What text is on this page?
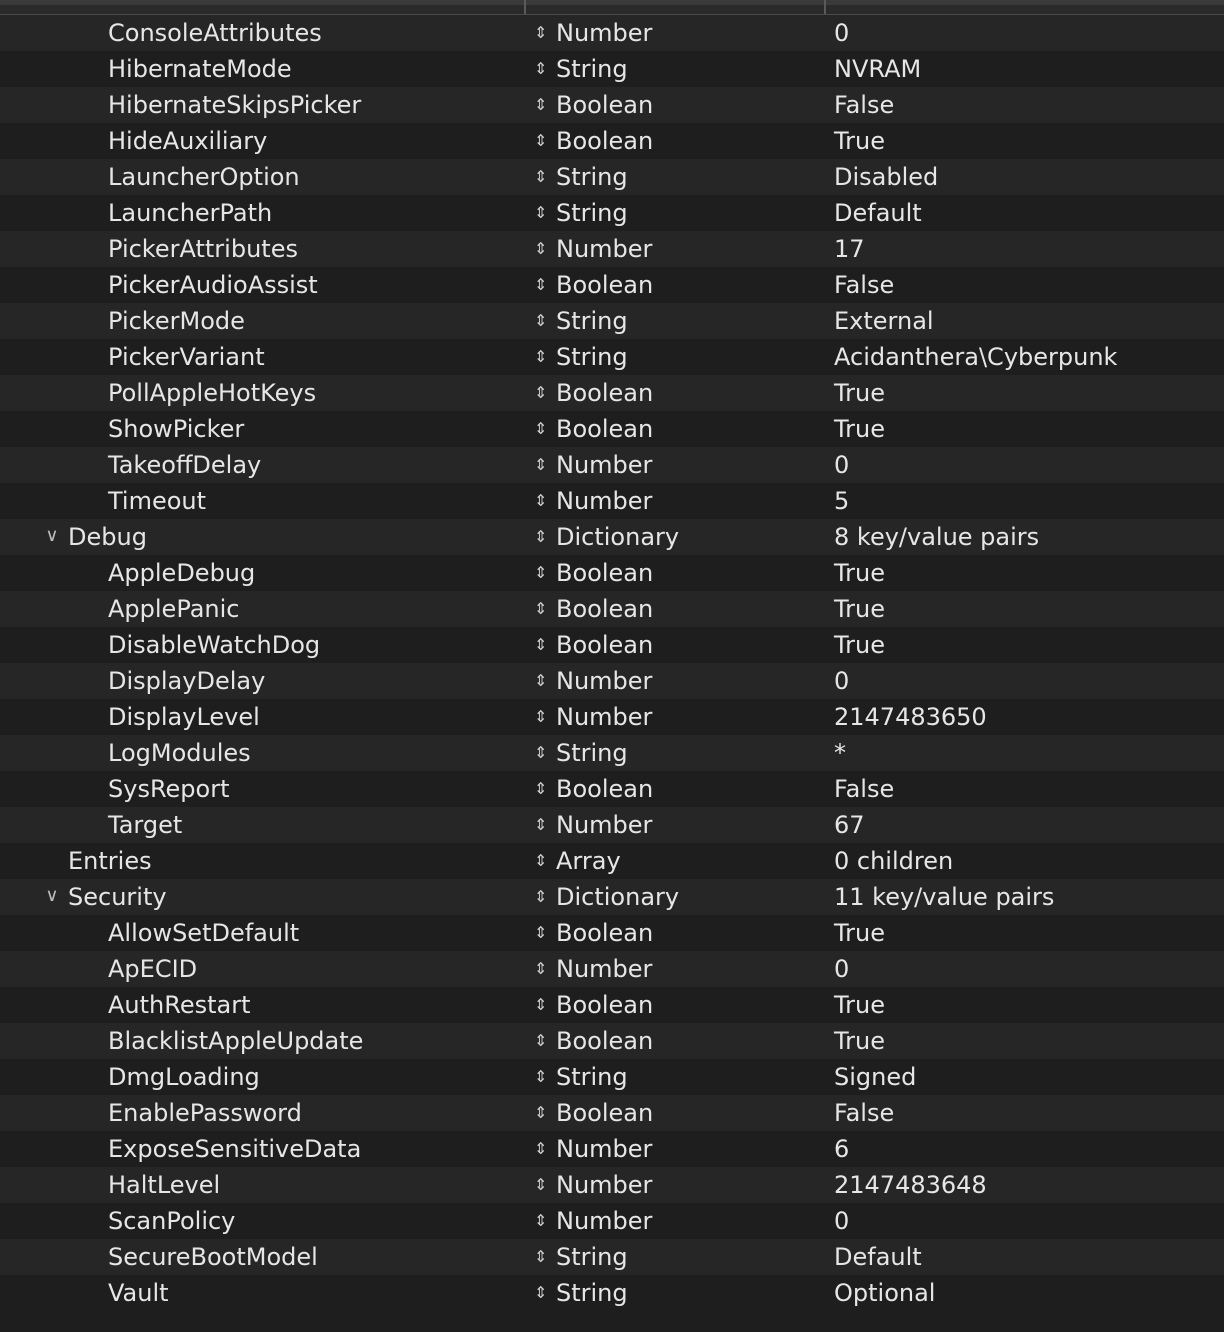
ConsoleAttributes	⇕ Number	0
HibernateMode	⇕ String	NVRAM
HibernateSkipsPicker	⇕ Boolean	False
HideAuxiliary	⇕ Boolean	True
LauncherOption	⇕ String	Disabled
LauncherPath	⇕ String	Default
PickerAttributes	⇕ Number	17
PickerAudioAssist	⇕ Boolean	False
PickerMode	⇕ String	External
PickerVariant	⇕ String	Acidanthera\Cyberpunk
PollAppleHotKeys	⇕ Boolean	True
ShowPicker	⇕ Boolean	True
TakeoffDelay	⇕ Number	0
Timeout	⇕ Number	5
∨ Debug	⇕ Dictionary	8 key/value pairs
AppleDebug	⇕ Boolean	True
ApplePanic	⇕ Boolean	True
DisableWatchDog	⇕ Boolean	True
DisplayDelay	⇕ Number	0
DisplayLevel	⇕ Number	2147483650
LogModules	⇕ String	*
SysReport	⇕ Boolean	False
Target	⇕ Number	67
Entries	⇕ Array	0 children
∨ Security	⇕ Dictionary	11 key/value pairs
AllowSetDefault	⇕ Boolean	True
ApECID	⇕ Number	0
AuthRestart	⇕ Boolean	True
BlacklistAppleUpdate	⇕ Boolean	True
DmgLoading	⇕ String	Signed
EnablePassword	⇕ Boolean	False
ExposeSensitiveData	⇕ Number	6
HaltLevel	⇕ Number	2147483648
ScanPolicy	⇕ Number	0
SecureBootModel	⇕ String	Default
Vault	⇕ String	Optional
